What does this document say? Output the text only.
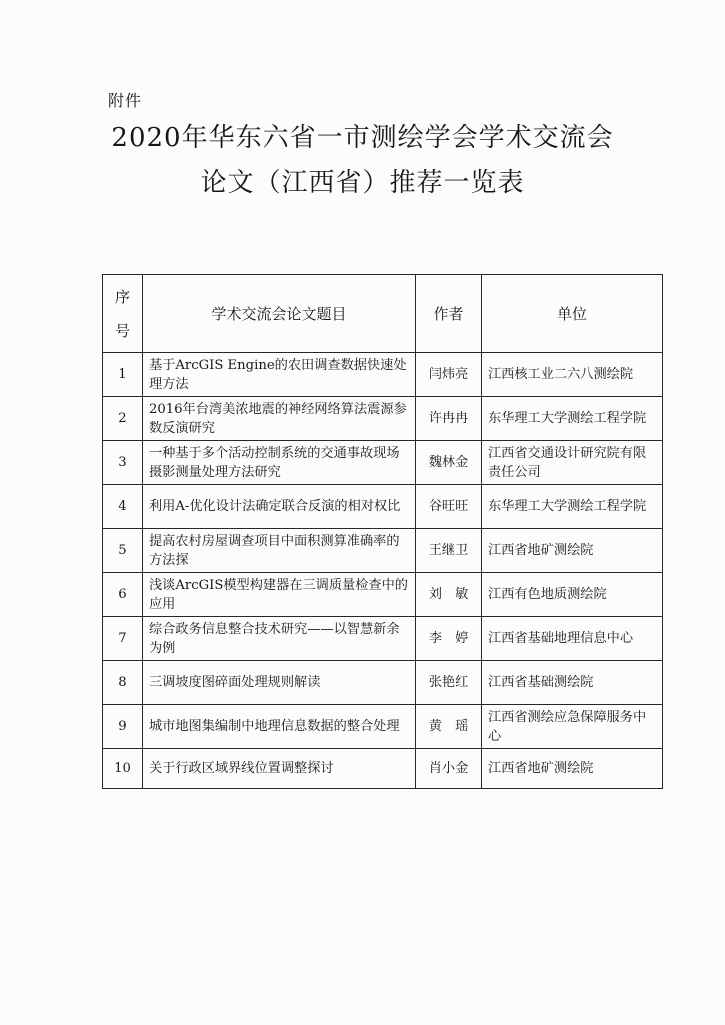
附件
2020年华东六省一市测绘学会学术交流会
论文（江西省）推荐一览表
序
号	学术交流会论文题目	作者	单位
1	基于ArcGIS Engine的农田调查数据快速处理方法	闫炜亮	江西核工业二六八测绘院
2	2016年台湾美浓地震的神经网络算法震源参数反演研究	许冉冉	东华理工大学测绘工程学院
3	一种基于多个活动控制系统的交通事故现场摄影测量处理方法研究	魏林金	江西省交通设计研究院有限责任公司
4	利用A-优化设计法确定联合反演的相对权比	谷旺旺	东华理工大学测绘工程学院
5	提高农村房屋调查项目中面积测算准确率的方法探	王继卫	江西省地矿测绘院
6	浅谈ArcGIS模型构建器在三调质量检查中的应用	刘　敏	江西有色地质测绘院
7	综合政务信息整合技术研究——以智慧新余为例	李　婷	江西省基础地理信息中心
8	三调坡度图碎面处理规则解读	张艳红	江西省基础测绘院
9	城市地图集编制中地理信息数据的整合处理	黄　瑶	江西省测绘应急保障服务中心
10	关于行政区域界线位置调整探讨	肖小金	江西省地矿测绘院
